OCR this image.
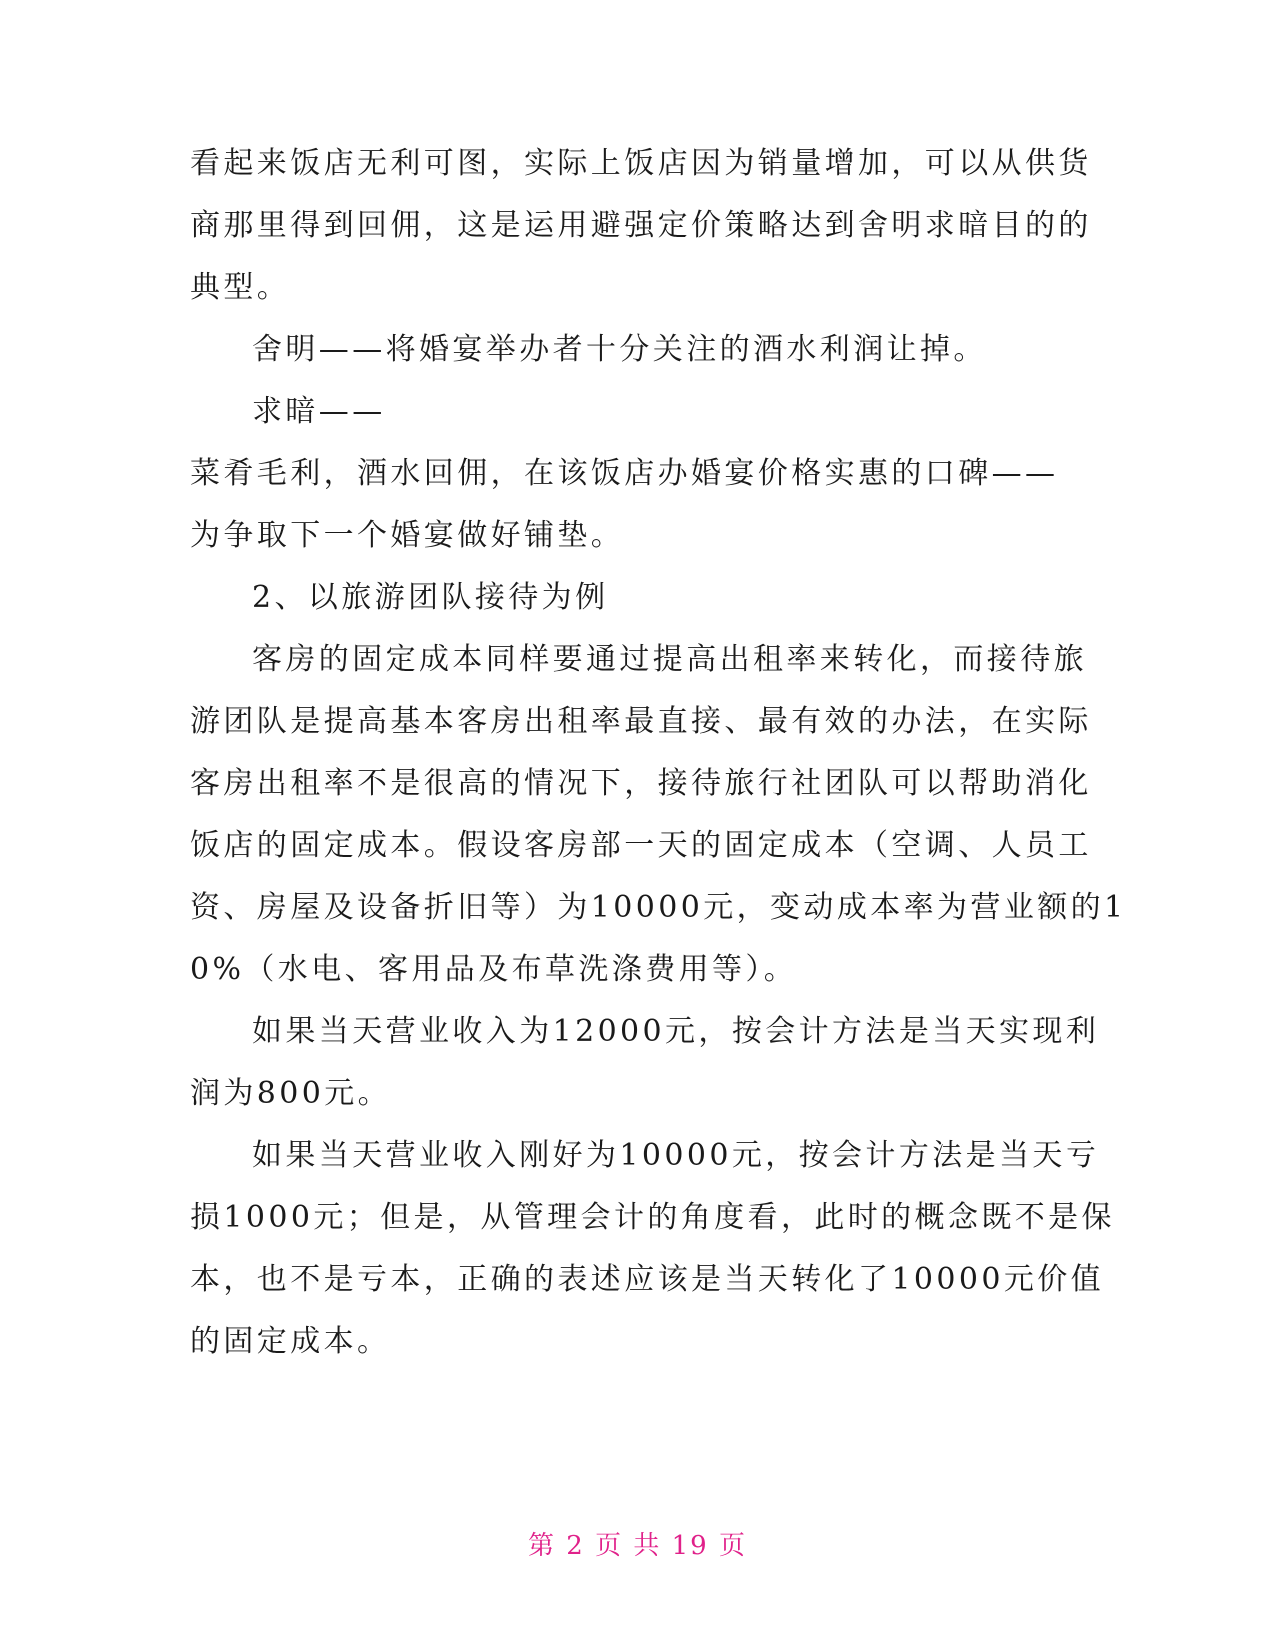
看起来饭店无利可图，实际上饭店因为销量增加，可以从供货
商那里得到回佣，这是运用避强定价策略达到舍明求暗目的的
典型。
舍明——将婚宴举办者十分关注的酒水利润让掉。
求暗——
菜肴毛利，酒水回佣，在该饭店办婚宴价格实惠的口碑——
为争取下一个婚宴做好铺垫。
2、以旅游团队接待为例
客房的固定成本同样要通过提高出租率来转化，而接待旅
游团队是提高基本客房出租率最直接、最有效的办法，在实际
客房出租率不是很高的情况下，接待旅行社团队可以帮助消化
饭店的固定成本。假设客房部一天的固定成本（空调、人员工
资、房屋及设备折旧等）为10000元，变动成本率为营业额的1
0%（水电、客用品及布草洗涤费用等）。
如果当天营业收入为12000元，按会计方法是当天实现利
润为800元。
如果当天营业收入刚好为10000元，按会计方法是当天亏
损1000元；但是，从管理会计的角度看，此时的概念既不是保
本，也不是亏本，正确的表述应该是当天转化了10000元价值
的固定成本。
第 2 页 共 19 页
